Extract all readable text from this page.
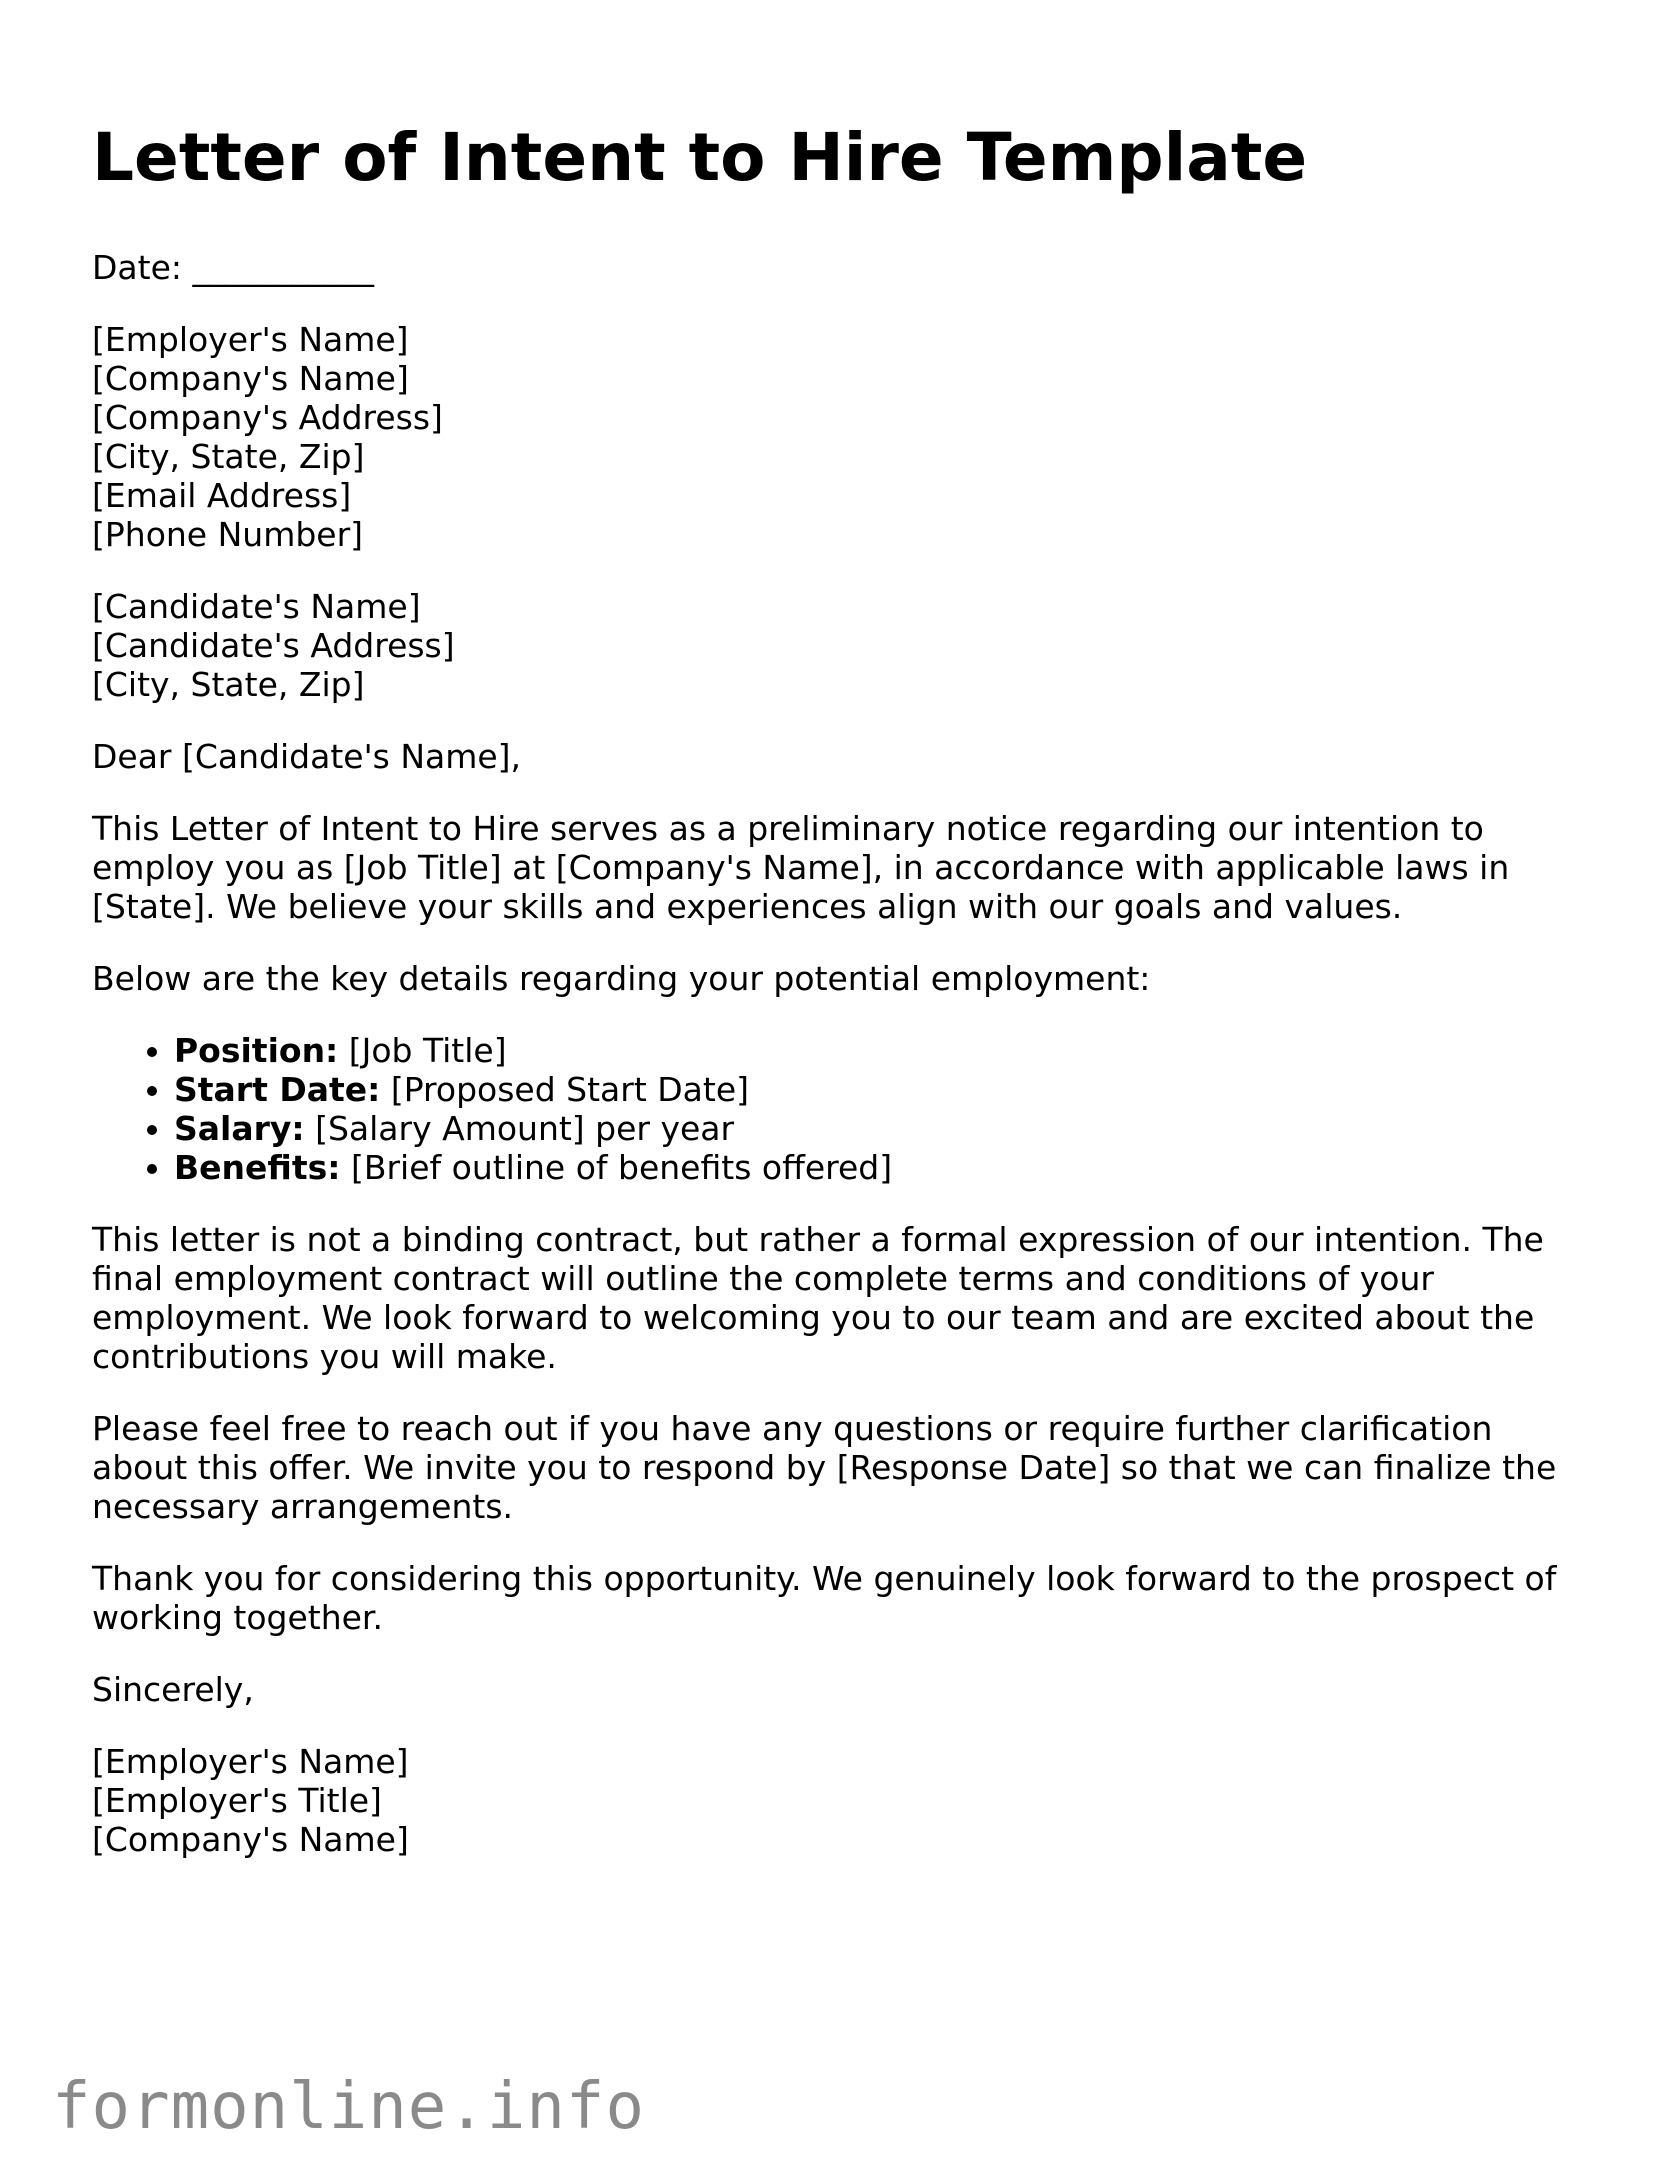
Letter of Intent to Hire Template

Date: ___________

[Employer's Name]
[Company's Name]
[Company's Address]
[City, State, Zip]
[Email Address]
[Phone Number]
[Candidate's Name]
[Candidate's Address]
[City, State, Zip]

Dear [Candidate's Name],

This Letter of Intent to Hire serves as a preliminary notice regarding our intention to employ you as [Job Title] at [Company's Name], in accordance with applicable laws in [State]. We believe your skills and experiences align with our goals and values.

Below are the key details regarding your potential employment:

• Position: [Job Title]
• Start Date: [Proposed Start Date]
• Salary: [Salary Amount] per year
• Benefits: [Brief outline of benefits offered]

This letter is not a binding contract, but rather a formal expression of our intention. The final employment contract will outline the complete terms and conditions of your employment. We look forward to welcoming you to our team and are excited about the contributions you will make.

Please feel free to reach out if you have any questions or require further clarification about this offer. We invite you to respond by [Response Date] so that we can finalize the necessary arrangements.

Thank you for considering this opportunity. We genuinely look forward to the prospect of working together.

Sincerely,

[Employer's Name]
[Employer's Title]
[Company's Name]
formonline.info
